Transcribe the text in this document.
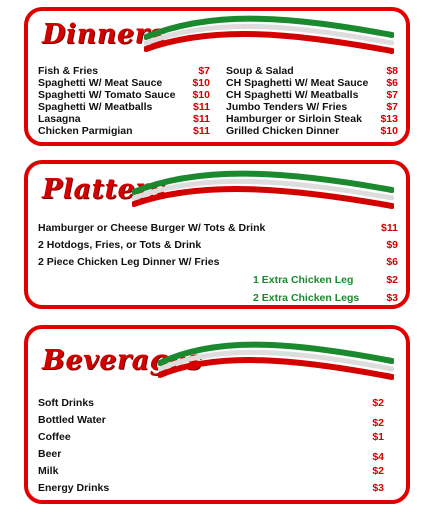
Dinners
Fish & Fries	$7
Spaghetti W/ Meat Sauce	$10
Spaghetti W/ Tomato Sauce	$10
Spaghetti W/ Meatballs	$11
Lasagna	$11
Chicken Parmigian	$11
Soup & Salad	$8
CH Spaghetti W/ Meat Sauce	$6
CH Spaghetti W/ Meatballs	$7
Jumbo Tenders W/ Fries	$7
Hamburger or Sirloin Steak	$13
Grilled Chicken Dinner	$10
Platters
Hamburger or Cheese Burger W/ Tots & Drink	$11
2 Hotdogs, Fries, or Tots & Drink	$9
2 Piece Chicken Leg Dinner W/ Fries	$6
1 Extra Chicken Leg	$2
2 Extra Chicken Legs	$3
Beverages
Soft Drinks	$2
Bottled Water	$2
Coffee	$1
Beer	$4
Milk	$2
Energy Drinks	$3
